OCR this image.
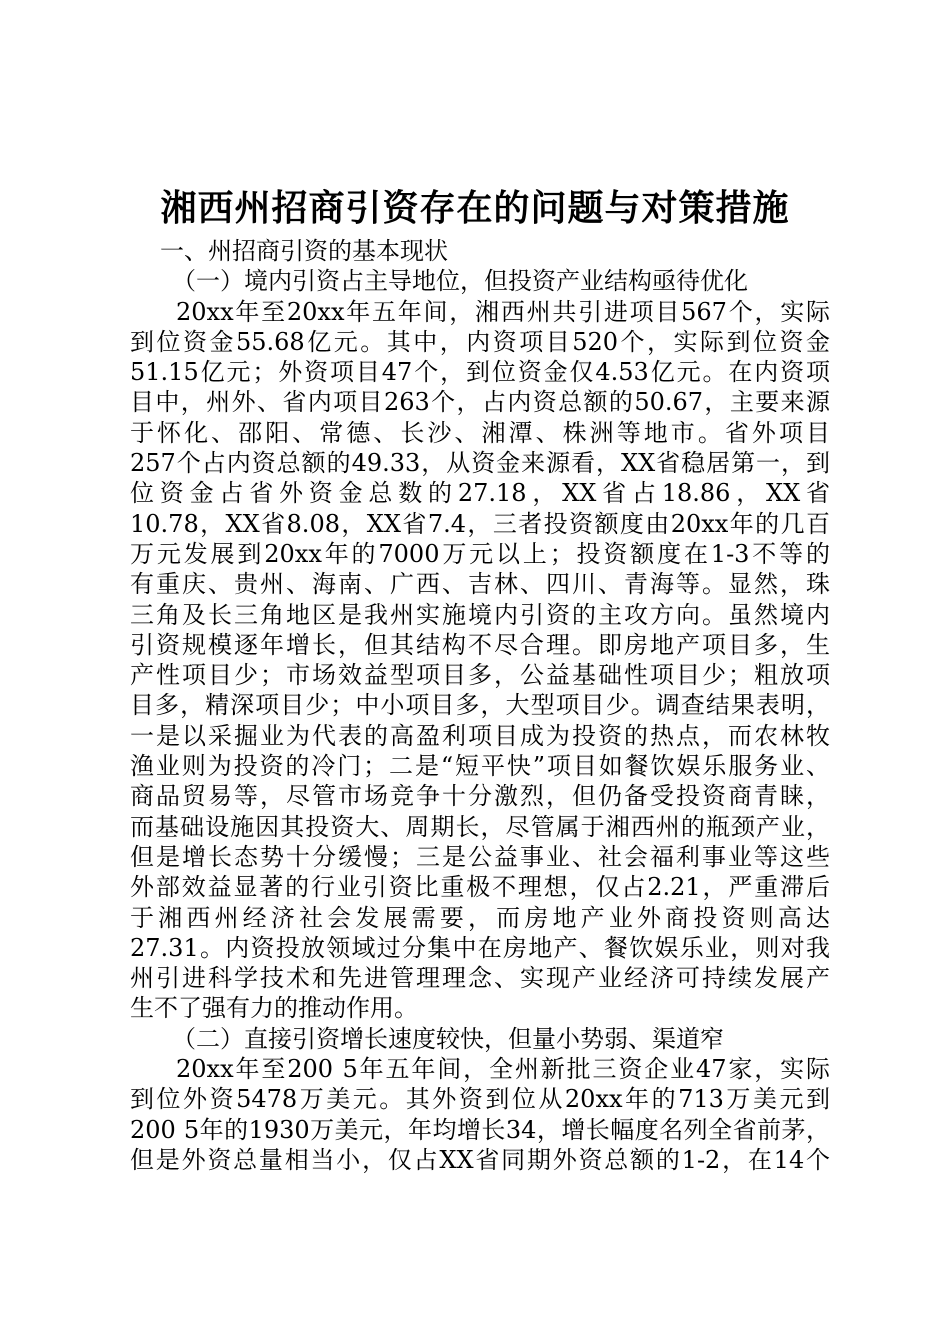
湘西州招商引资存在的问题与对策措施
一、州招商引资的基本现状
（一）境内引资占主导地位，但投资产业结构亟待优化
20xx年至20xx年五年间，湘西州共引进项目567个，实际
到位资金55.68亿元。其中，内资项目520个，实际到位资金
51.15亿元；外资项目47个，到位资金仅4.53亿元。在内资项
目中，州外、省内项目263个，占内资总额的50.67，主要来源
于怀化、邵阳、常德、长沙、湘潭、株洲等地市。省外项目
257个占内资总额的49.33，从资金来源看，XX省稳居第一，到
位资金占省外资金总数的27.18，XX省占18.86，XX省
10.78，XX省8.08，XX省7.4，三者投资额度由20xx年的几百
万元发展到20xx年的7000万元以上；投资额度在1-3不等的
有重庆、贵州、海南、广西、吉林、四川、青海等。显然，珠
三角及长三角地区是我州实施境内引资的主攻方向。虽然境内
引资规模逐年增长，但其结构不尽合理。即房地产项目多，生
产性项目少；市场效益型项目多，公益基础性项目少；粗放项
目多，精深项目少；中小项目多，大型项目少。调查结果表明，
一是以采掘业为代表的高盈利项目成为投资的热点，而农林牧
渔业则为投资的冷门；二是“短平快”项目如餐饮娱乐服务业、
商品贸易等，尽管市场竞争十分激烈，但仍备受投资商青睐，
而基础设施因其投资大、周期长，尽管属于湘西州的瓶颈产业，
但是增长态势十分缓慢；三是公益事业、社会福利事业等这些
外部效益显著的行业引资比重极不理想，仅占2.21，严重滞后
于湘西州经济社会发展需要，而房地产业外商投资则高达
27.31。内资投放领域过分集中在房地产、餐饮娱乐业，则对我
州引进科学技术和先进管理理念、实现产业经济可持续发展产
生不了强有力的推动作用。
（二）直接引资增长速度较快，但量小势弱、渠道窄
20xx年至200 5年五年间，全州新批三资企业47家，实际
到位外资5478万美元。其外资到位从20xx年的713万美元到
200 5年的1930万美元，年均增长34，增长幅度名列全省前茅，
但是外资总量相当小，仅占XX省同期外资总额的1-2，在14个
